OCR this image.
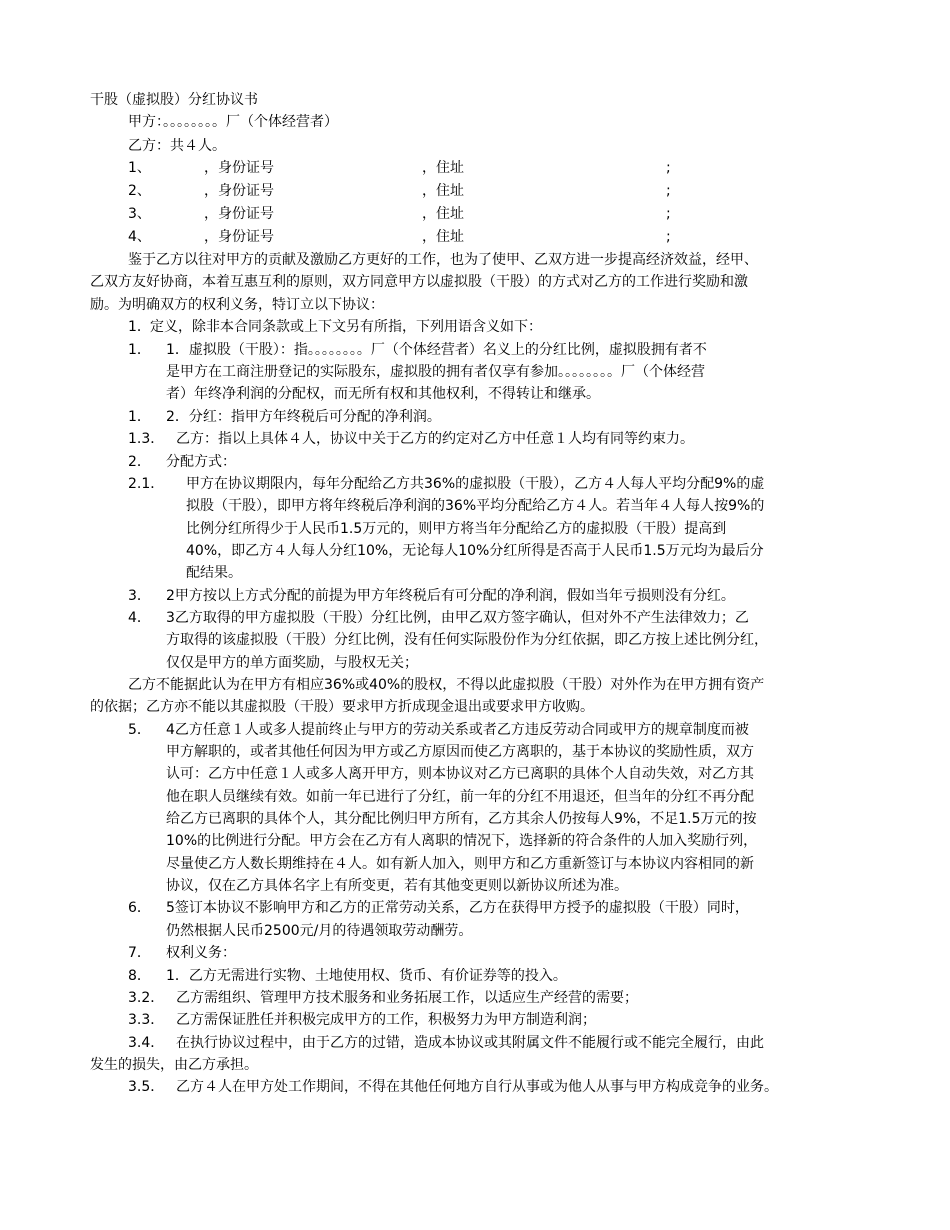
干股（虚拟股）分红协议书
甲方：。。。。。。。。厂（个体经营者）
乙方：共４人。
1、	，身份证号	，住址	;
2、	，身份证号	，住址	;
3、	，身份证号	，住址	;
4、	，身份证号	，住址	;
鉴于乙方以往对甲方的贡献及激励乙方更好的工作，也为了使甲、乙双方进一步提高经济效益，经甲、
乙双方友好协商，本着互惠互利的原则，双方同意甲方以虚拟股（干股）的方式对乙方的工作进行奖励和激
励。为明确双方的权利义务，特订立以下协议：
1． 定义，除非本合同条款或上下文另有所指，下列用语含义如下：
1． 1．虚拟股（干股）：指。。。。。。。。厂（个体经营者）名义上的分红比例，虚拟股拥有者不
是甲方在工商注册登记的实际股东，虚拟股的拥有者仅享有参加。。。。。。。。厂（个体经营
者）年终净利润的分配权，而无所有权和其他权利，不得转让和继承。
1． 2．分红：指甲方年终税后可分配的净利润。
1.3． 乙方：指以上具体４人，协议中关于乙方的约定对乙方中任意１人均有同等约束力。
2． 分配方式：
2.1． 甲方在协议期限内，每年分配给乙方共36%的虚拟股（干股），乙方４人每人平均分配9%的虚
拟股（干股），即甲方将年终税后净利润的36%平均分配给乙方４人。若当年４人每人按9%的
比例分红所得少于人民币1.5万元的，则甲方将当年分配给乙方的虚拟股（干股）提高到
40%，即乙方４人每人分红10%，无论每人10%分红所得是否高于人民币1.5万元均为最后分
配结果。
3． 2甲方按以上方式分配的前提为甲方年终税后有可分配的净利润，假如当年亏损则没有分红。
4． 3乙方取得的甲方虚拟股（干股）分红比例，由甲乙双方签字确认，但对外不产生法律效力；乙
方取得的该虚拟股（干股）分红比例，没有任何实际股份作为分红依据，即乙方按上述比例分红，
仅仅是甲方的单方面奖励，与股权无关；
乙方不能据此认为在甲方有相应36%或40%的股权，不得以此虚拟股（干股）对外作为在甲方拥有资产
的依据；乙方亦不能以其虚拟股（干股）要求甲方折成现金退出或要求甲方收购。
5． 4乙方任意１人或多人提前终止与甲方的劳动关系或者乙方违反劳动合同或甲方的规章制度而被
甲方解职的，或者其他任何因为甲方或乙方原因而使乙方离职的，基于本协议的奖励性质，双方
认可：乙方中任意１人或多人离开甲方，则本协议对乙方已离职的具体个人自动失效，对乙方其
他在职人员继续有效。如前一年已进行了分红，前一年的分红不用退还，但当年的分红不再分配
给乙方已离职的具体个人，其分配比例归甲方所有，乙方其余人仍按每人9%，不足1.5万元的按
10%的比例进行分配。甲方会在乙方有人离职的情况下，选择新的符合条件的人加入奖励行列，
尽量使乙方人数长期维持在４人。如有新人加入，则甲方和乙方重新签订与本协议内容相同的新
协议，仅在乙方具体名字上有所变更，若有其他变更则以新协议所述为准。
6． 5签订本协议不影响甲方和乙方的正常劳动关系，乙方在获得甲方授予的虚拟股（干股）同时，
仍然根据人民币2500元/月的待遇领取劳动酬劳。
7． 权利义务：
8． 1．乙方无需进行实物、土地使用权、货币、有价证券等的投入。
3.2． 乙方需组织、管理甲方技术服务和业务拓展工作，以适应生产经营的需要；
3.3． 乙方需保证胜任并积极完成甲方的工作，积极努力为甲方制造利润；
3.4． 在执行协议过程中，由于乙方的过错，造成本协议或其附属文件不能履行或不能完全履行，由此
发生的损失，由乙方承担。
3.5． 乙方４人在甲方处工作期间，不得在其他任何地方自行从事或为他人从事与甲方构成竞争的业务。
